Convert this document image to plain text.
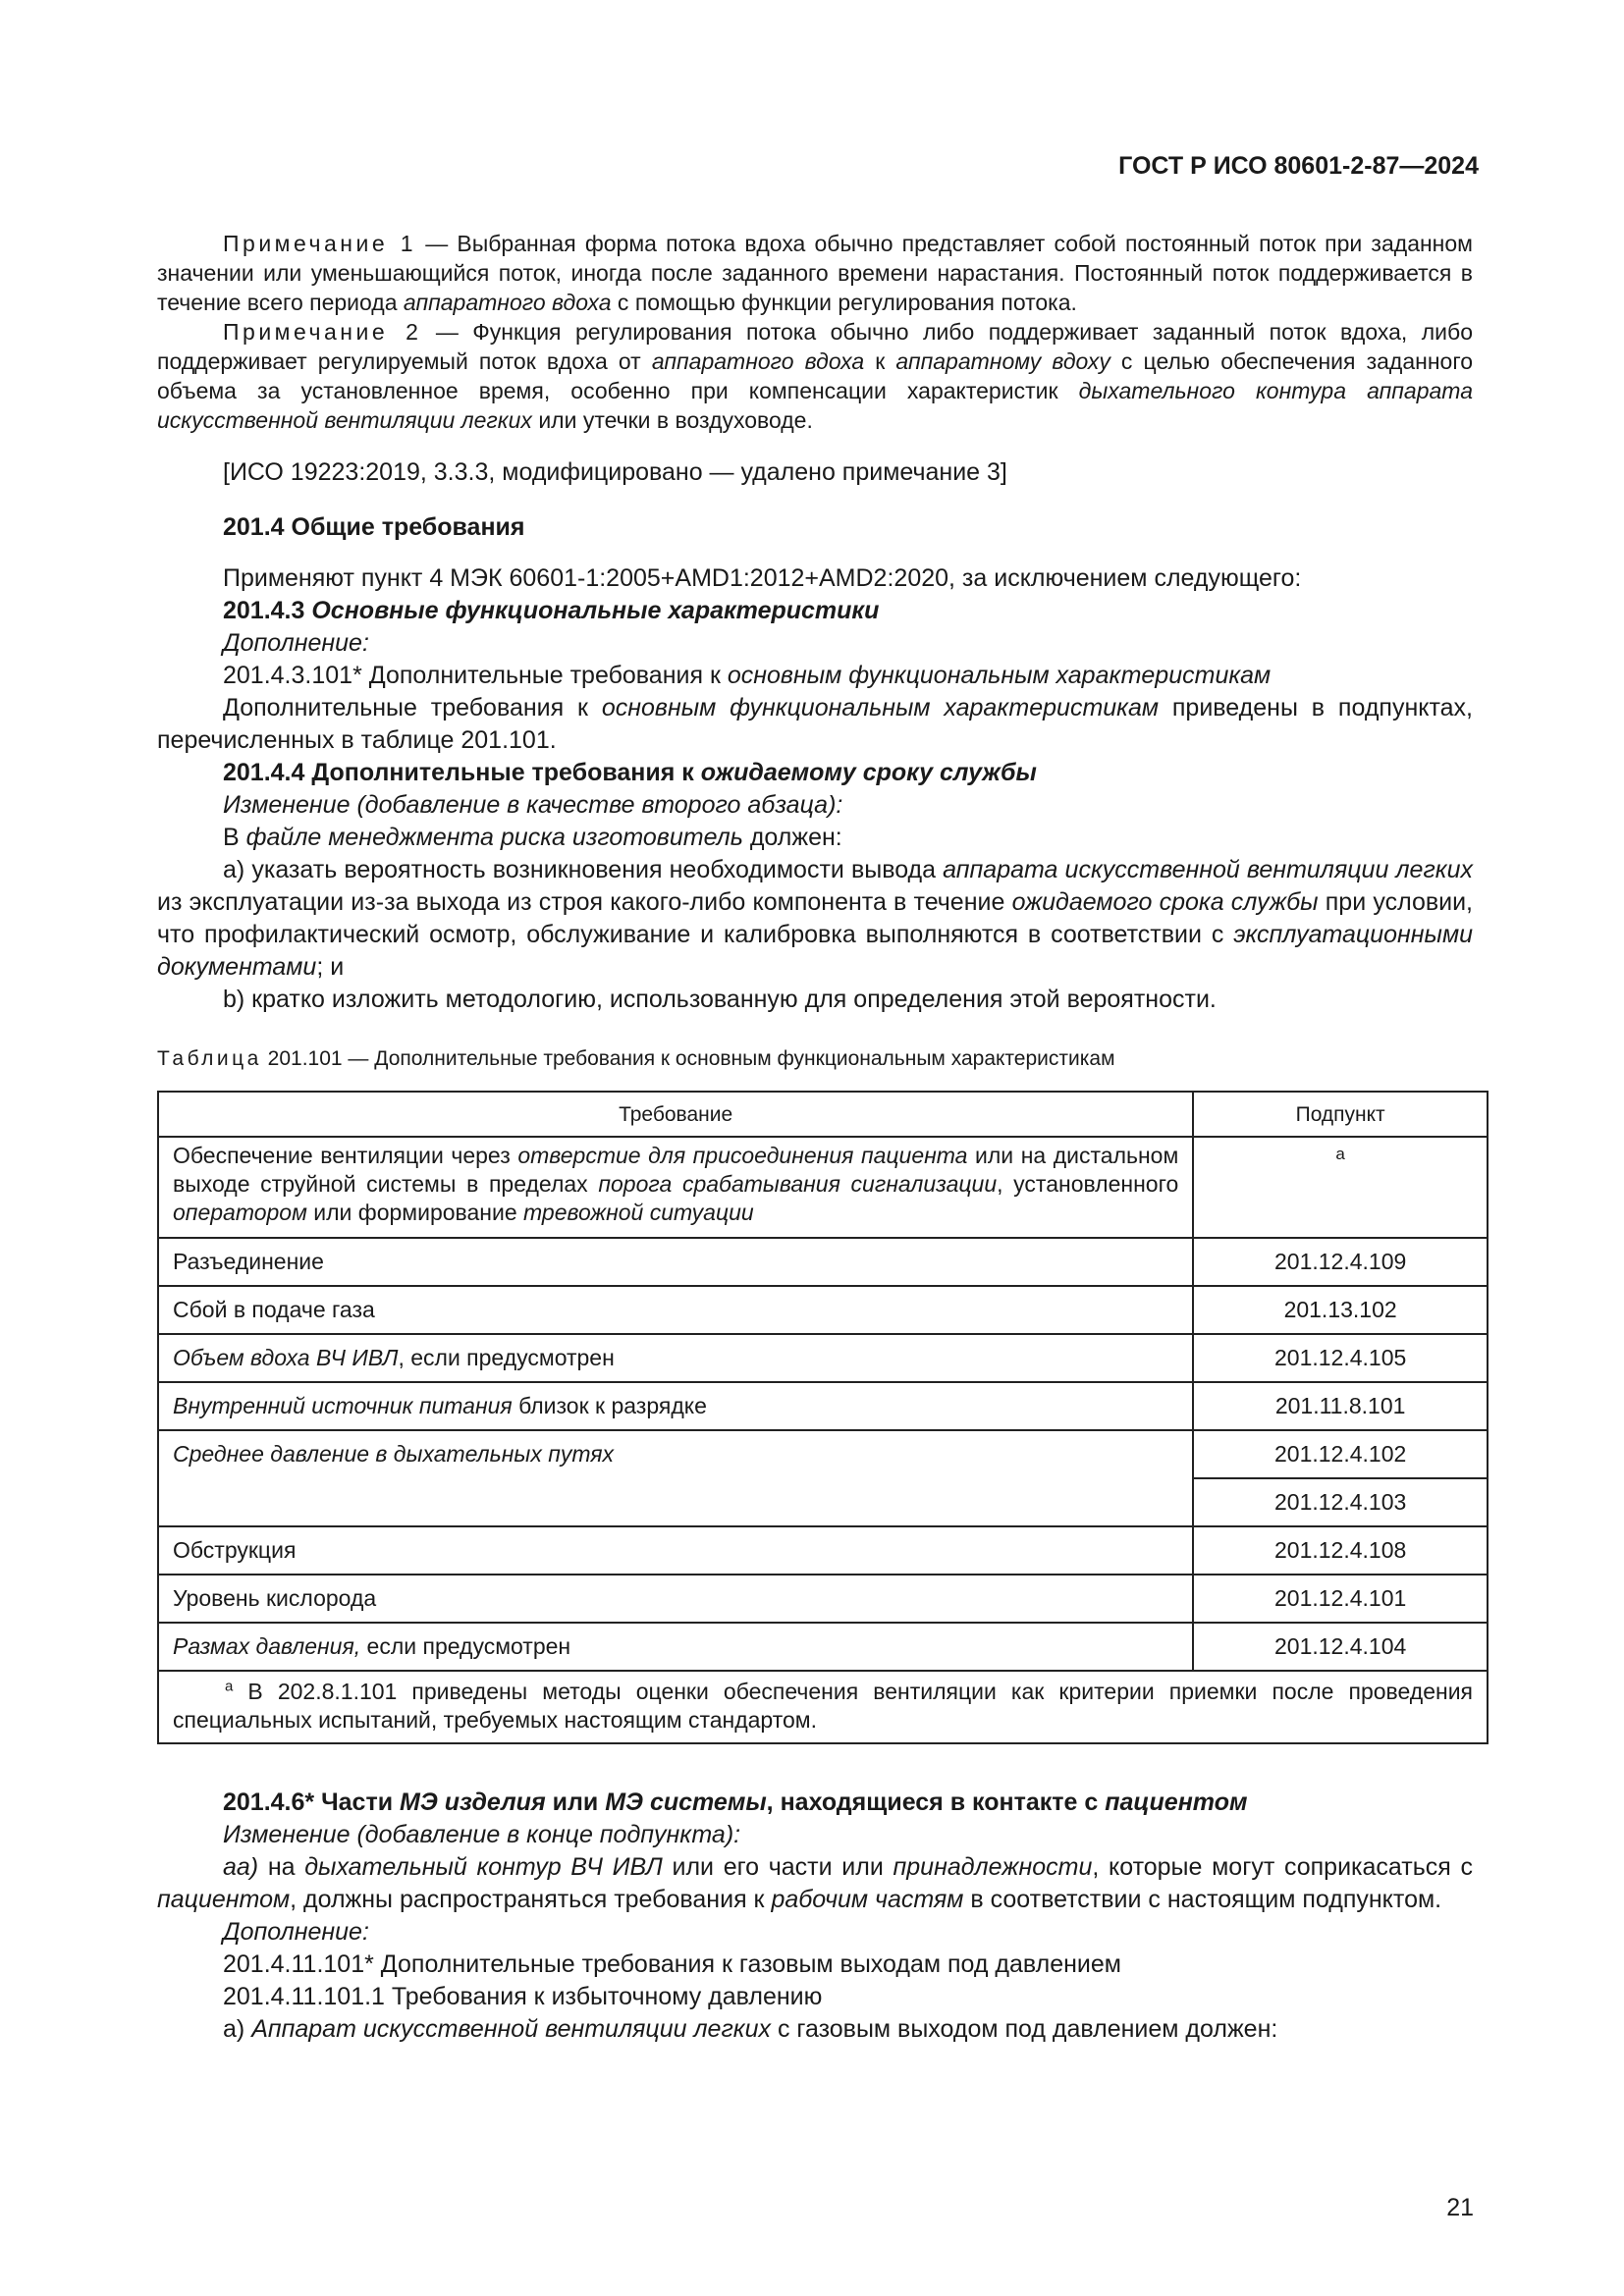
ГОСТ Р ИСО 80601-2-87—2024

Примечание 1 — Выбранная форма потока вдоха обычно представляет собой постоянный поток при заданном значении или уменьшающийся поток, иногда после заданного времени нарастания. Постоянный поток поддерживается в течение всего периода аппаратного вдоха с помощью функции регулирования потока.

Примечание 2 — Функция регулирования потока обычно либо поддерживает заданный поток вдоха, либо поддерживает регулируемый поток вдоха от аппаратного вдоха к аппаратному вдоху с целью обеспечения заданного объема за установленное время, особенно при компенсации характеристик дыхательного контура аппарата искусственной вентиляции легких или утечки в воздуховоде.

[ИСО 19223:2019, 3.3.3, модифицировано — удалено примечание 3]

201.4 Общие требования

Применяют пункт 4 МЭК 60601-1:2005+AMD1:2012+AMD2:2020, за исключением следующего:

201.4.3 Основные функциональные характеристики

Дополнение:

201.4.3.101* Дополнительные требования к основным функциональным характеристикам

Дополнительные требования к основным функциональным характеристикам приведены в подпунктах, перечисленных в таблице 201.101.

201.4.4 Дополнительные требования к ожидаемому сроку службы

Изменение (добавление в качестве второго абзаца):

В файле менеджмента риска изготовитель должен:

a) указать вероятность возникновения необходимости вывода аппарата искусственной вентиляции легких из эксплуатации из-за выхода из строя какого-либо компонента в течение ожидаемого срока службы при условии, что профилактический осмотр, обслуживание и калибровка выполняются в соответствии с эксплуатационными документами; и

b) кратко изложить методологию, использованную для определения этой вероятности.

Таблица 201.101 — Дополнительные требования к основным функциональным характеристикам
Требование	Подпункт
Обеспечение вентиляции через отверстие для присоединения пациента или на дистальном выходе струйной системы в пределах порога срабатывания сигнализации, установленного оператором или формирование тревожной ситуации	a
Разъединение	201.12.4.109
Сбой в подаче газа	201.13.102
Объем вдоха ВЧ ИВЛ, если предусмотрен	201.12.4.105
Внутренний источник питания близок к разрядке	201.11.8.101
Среднее давление в дыхательных путях	201.12.4.102
	201.12.4.103
Обструкция	201.12.4.108
Уровень кислорода	201.12.4.101
Размах давления, если предусмотрен	201.12.4.104
$^a$ В 202.8.1.101 приведены методы оценки обеспечения вентиляции как критерии приемки после проведения специальных испытаний, требуемых настоящим стандартом.	

201.4.6* Части МЭ изделия или МЭ системы, находящиеся в контакте с пациентом

Изменение (добавление в конце подпункта):

aa) на дыхательный контур ВЧ ИВЛ или его части или принадлежности, которые могут соприкасаться с пациентом, должны распространяться требования к рабочим частям в соответствии с настоящим подпунктом.

Дополнение:

201.4.11.101* Дополнительные требования к газовым выходам под давлением

201.4.11.101.1 Требования к избыточному давлению

a) Аппарат искусственной вентиляции легких с газовым выходом под давлением должен:

21
